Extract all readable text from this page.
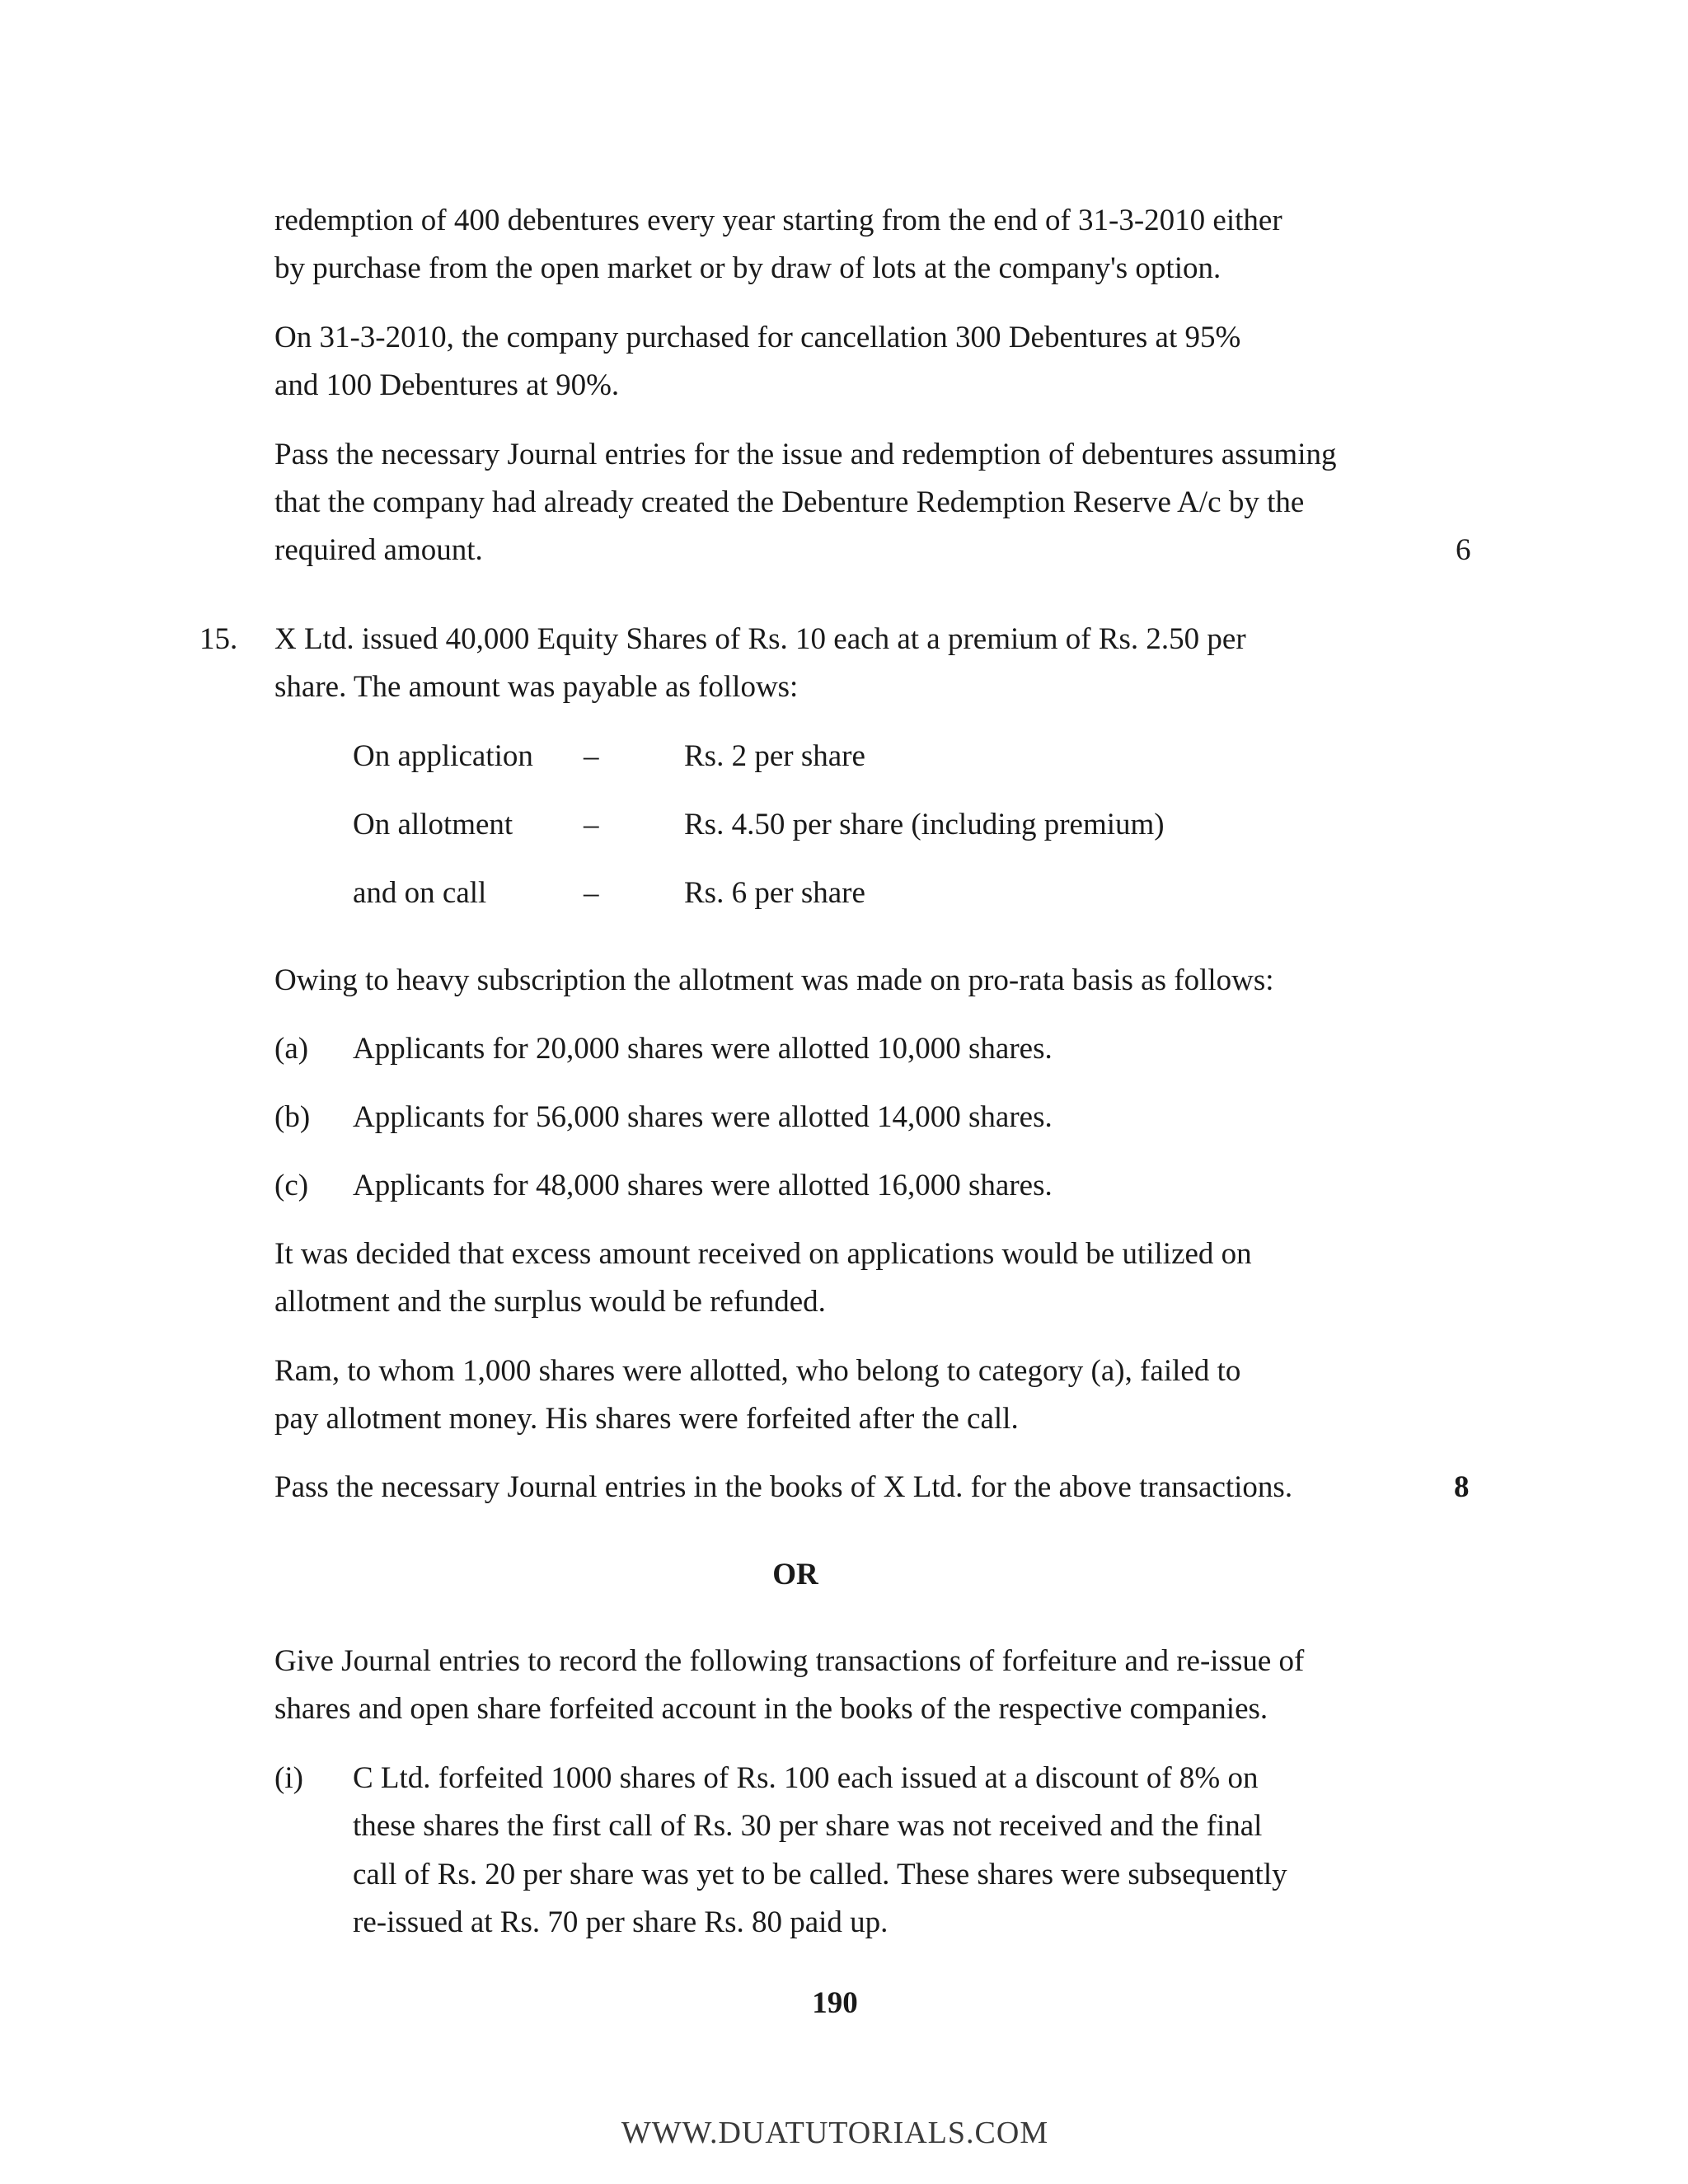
redemption of 400 debentures every year starting from the end of 31-3-2010 either
by purchase from the open market or by draw of lots at the company's option.
On 31-3-2010, the company purchased for cancellation 300 Debentures at 95%
and 100 Debentures at 90%.
Pass the necessary Journal entries for the issue and redemption of debentures assuming
that the company had already created the Debenture Redemption Reserve A/c by the
required amount.	6
15. X Ltd. issued 40,000 Equity Shares of Rs. 10 each at a premium of Rs. 2.50 per
share. The amount was payable as follows:
On application –	Rs. 2 per share
On allotment –	Rs. 4.50 per share (including premium)
and on call	–	Rs. 6 per share
Owing to heavy subscription the allotment was made on pro-rata basis as follows:
(a) Applicants for 20,000 shares were allotted 10,000 shares.
(b) Applicants for 56,000 shares were allotted 14,000 shares.
(c) Applicants for 48,000 shares were allotted 16,000 shares.
It was decided that excess amount received on applications would be utilized on
allotment and the surplus would be refunded.
Ram, to whom 1,000 shares were allotted, who belong to category (a), failed to
pay allotment money. His shares were forfeited after the call.
Pass the necessary Journal entries in the books of X Ltd. for the above transactions.	8
OR
Give Journal entries to record the following transactions of forfeiture and re-issue of
shares and open share forfeited account in the books of the respective companies.
(i) C Ltd. forfeited 1000 shares of Rs. 100 each issued at a discount of 8% on
these shares the first call of Rs. 30 per share was not received and the final
call of Rs. 20 per share was yet to be called. These shares were subsequently
re-issued at Rs. 70 per share Rs. 80 paid up.
190
WWW.DUATUTORIALS.COM
